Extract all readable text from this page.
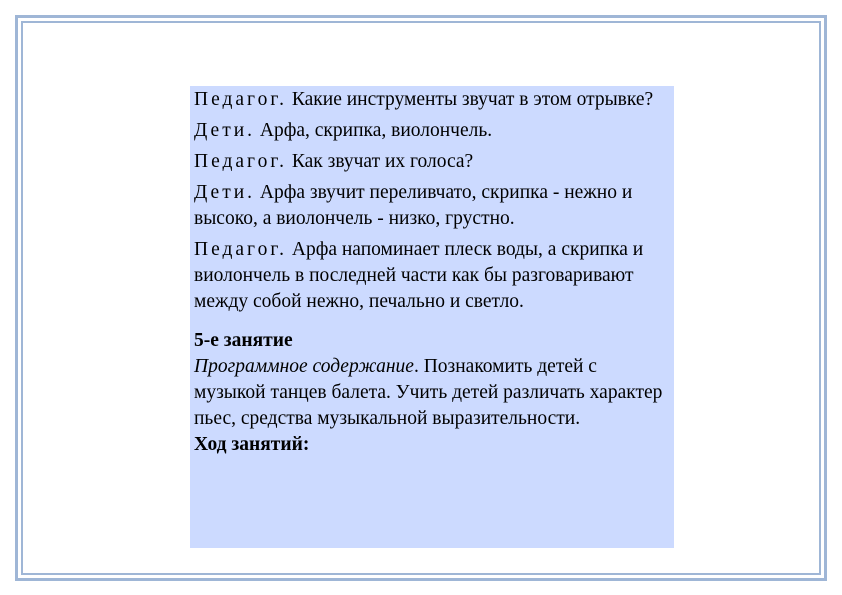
Педагог. Какие инструменты звучат в этом отрывке?

Дети. Арфа, скрипка, виолончель.

Педагог. Как звучат их голоса?

Дети. Арфа звучит переливчато, скрипка - нежно и высоко, а виолончель - низко, грустно.

Педагог. Арфа напоминает плеск воды, а скрипка и виолончель в последней части как бы разговаривают между собой нежно, печально и светло.

5-е занятие

Программное содержание. Познакомить детей с музыкой танцев балета. Учить детей различать характер пьес, средства музыкальной выразительности.

Ход занятий:
